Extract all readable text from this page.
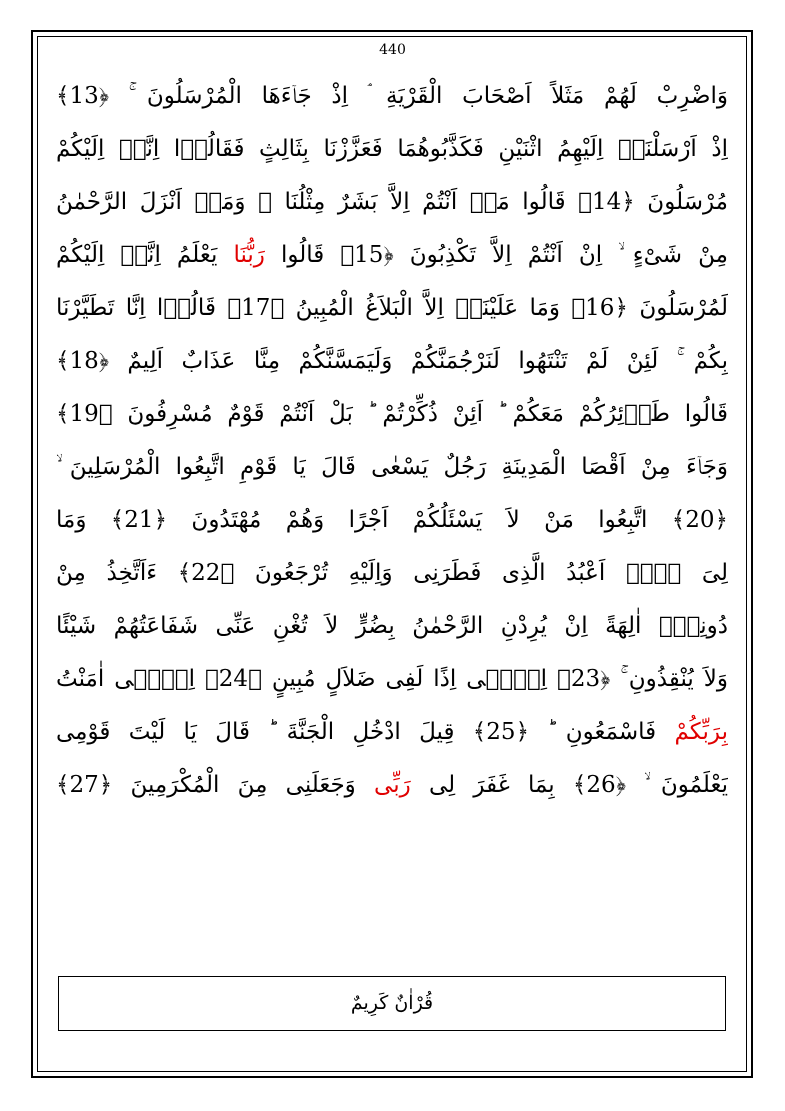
440
وَاضْرِبْ لَهُمْ مَثَلاً اَصْحَابَ الْقَرْيَةِ ۘ اِذْ جَاۤءَهَا الْمُرْسَلُونَ ۚ ﴿13﴾
اِذْ اَرْسَلْنَاۤ اِلَيْهِمُ اثْنَيْنِ فَكَذَّبُوهُمَا فَعَزَّزْنَا بِثَالِثٍ فَقَالُوۤا اِنَّاۤ اِلَيْكُمْ
مُرْسَلُونَ ﴿14﴾ قَالُوا مَاۤ اَنْتُمْ اِلاَّ بَشَرٌ مِثْلُنَا ۙ وَمَاۤ اَنْزَلَ الرَّحْمٰنُ
مِنْ شَىْءٍ ۙ اِنْ اَنْتُمْ اِلاَّ تَكْذِبُونَ ﴿15﴾ قَالُوا رَبُّنَا يَعْلَمُ اِنَّاۤ اِلَيْكُمْ
لَمُرْسَلُونَ ﴿16﴾ وَمَا عَلَيْنَاۤ اِلاَّ الْبَلاَغُ الْمُبِينُ ﴿17﴾ قَالُوۤا اِنَّا تَطَيَّرْنَا
بِكُمْ ۚ لَئِنْ لَمْ تَنْتَهُوا لَنَرْجُمَنَّكُمْ وَلَيَمَسَّنَّكُمْ مِنَّا عَذَابٌ اَلِيمٌ ﴿18﴾
قَالُوا طَاۤئِرُكُمْ مَعَكُمْ ؕ اَئِنْ ذُكِّرْتُمْ ؕ بَلْ اَنْتُمْ قَوْمٌ مُسْرِفُونَ ﴿19﴾
وَجَاۤءَ مِنْ اَقْصَا الْمَدِينَةِ رَجُلٌ يَسْعٰى قَالَ يَا قَوْمِ اتَّبِعُوا الْمُرْسَلِينَ ۙ
﴿20﴾ اتَّبِعُوا مَنْ لاَ يَسْئَلُكُمْ اَجْرًا وَهُمْ مُهْتَدُونَ ﴿21﴾ وَمَا
لِىَ لاَۤ اَعْبُدُ الَّذِى فَطَرَنِى وَاِلَيْهِ تُرْجَعُونَ ﴿22﴾ ءَاَتَّخِذُ مِنْ
دُونِهِۤ اٰلِهَةً اِنْ يُرِدْنِ الرَّحْمٰنُ بِضُرٍّ لاَ تُغْنِ عَنِّى شَفَاعَتُهُمْ شَيْئًا
وَلاَ يُنْقِذُونِ ۚ ﴿23﴾ اِنِّۤى اِذًا لَفِى ضَلاَلٍ مُبِينٍ ﴿24﴾ اِنِّۤى اٰمَنْتُ
بِرَبِّكُمْ فَاسْمَعُونِ ؕ ﴿25﴾ قِيلَ ادْخُلِ الْجَنَّةَ ؕ قَالَ يَا لَيْتَ قَوْمِى
يَعْلَمُونَ ۙ ﴿26﴾ بِمَا غَفَرَ لِى رَبِّى وَجَعَلَنِى مِنَ الْمُكْرَمِينَ ﴿27﴾
قُرْاٰنٌ كَرِيمٌ
